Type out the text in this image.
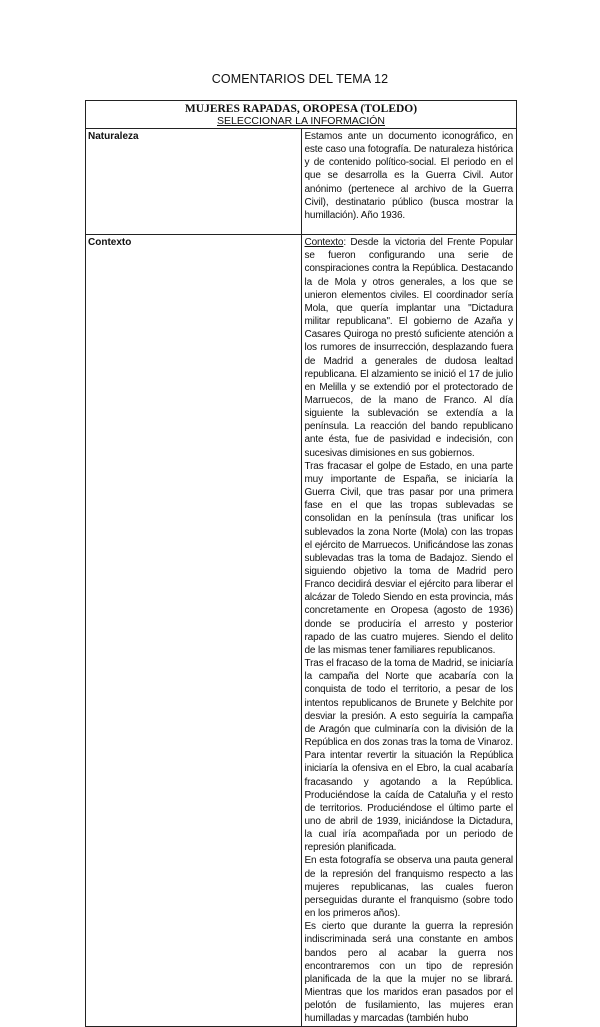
COMENTARIOS DEL TEMA 12
MUJERES RAPADAS, OROPESA (TOLEDO)
SELECCIONAR LA INFORMACIÓN	

Naturaleza	Estamos ante un documento iconográfico, en este caso una fotografía. De naturaleza histórica y de contenido político-social. El periodo en el que se desarrolla es la Guerra Civil. Autor anónimo (pertenece al archivo de la Guerra Civil), destinatario público (busca mostrar la humillación). Año 1936.

Contexto	Contexto: Desde la victoria del Frente Popular se fueron configurando una serie de conspiraciones contra la República. Destacando la de Mola y otros generales, a los que se unieron elementos civiles. El coordinador sería Mola, que quería implantar una "Dictadura militar republicana". El gobierno de Azaña y Casares Quiroga no prestó suficiente atención a los rumores de insurrección, desplazando fuera de Madrid a generales de dudosa lealtad republicana. El alzamiento se inició el 17 de julio en Melilla y se extendió por el protectorado de Marruecos, de la mano de Franco. Al día siguiente la sublevación se extendía a la península. La reacción del bando republicano ante ésta, fue de pasividad e indecisión, con sucesivas dimisiones en sus gobiernos.

Tras fracasar el golpe de Estado, en una parte muy importante de España, se iniciaría la Guerra Civil, que tras pasar por una primera fase en el que las tropas sublevadas se consolidan en la península (tras unificar los sublevados la zona Norte (Mola) con las tropas el ejército de Marruecos. Unificándose las zonas sublevadas tras la toma de Badajoz. Siendo el siguiendo objetivo la toma de Madrid pero Franco decidirá desviar el ejército para liberar el alcázar de Toledo Siendo en esta provincia, más concretamente en Oropesa (agosto de 1936) donde se produciría el arresto y posterior rapado de las cuatro mujeres. Siendo el delito de las mismas tener familiares republicanos.

Tras el fracaso de la toma de Madrid, se iniciaría la campaña del Norte que acabaría con la conquista de todo el territorio, a pesar de los intentos republicanos de Brunete y Belchite por desviar la presión. A esto seguiría la campaña de Aragón que culminaría con la división de la República en dos zonas tras la toma de Vinaroz. Para intentar revertir la situación la República iniciaría la ofensiva en el Ebro, la cual acabaría fracasando y agotando a la República. Produciéndose la caída de Cataluña y el resto de territorios. Produciéndose el último parte el uno de abril de 1939, iniciándose la Dictadura, la cual iría acompañada por un periodo de represión planificada.

En esta fotografía se observa una pauta general de la represión del franquismo respecto a las mujeres republicanas, las cuales fueron perseguidas durante el franquismo (sobre todo en los primeros años).

Es cierto que durante la guerra la represión indiscriminada será una constante en ambos bandos pero al acabar la guerra nos encontraremos con un tipo de represión planificada de la que la mujer no se librará. Mientras que los maridos eran pasados por el pelotón de fusilamiento, las mujeres eran humilladas y marcadas (también hubo
